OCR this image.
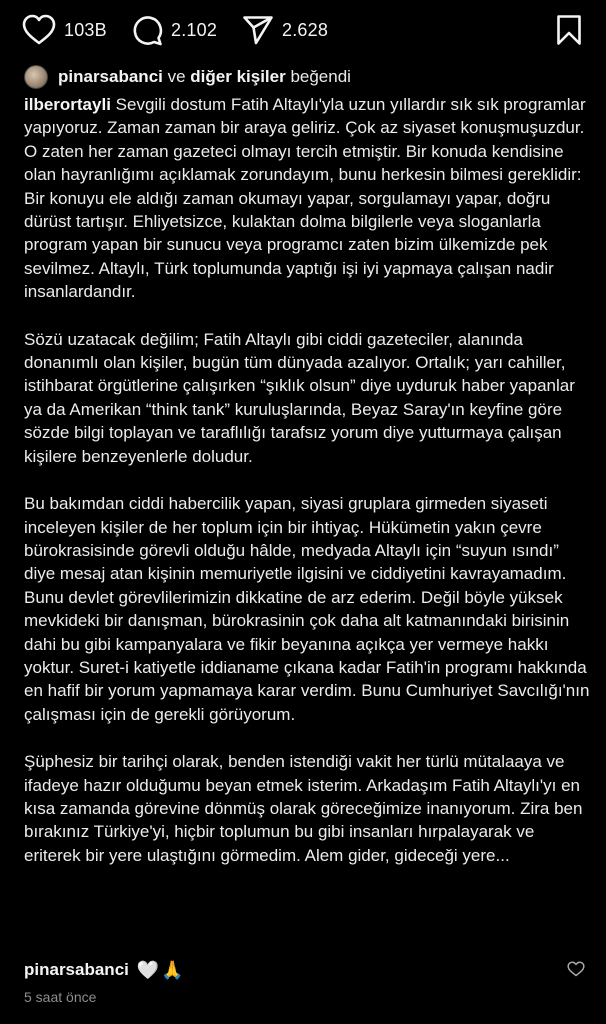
103B	2.102	2.628
pinarsabanci ve diğer kişiler beğendi

ilberortayli Sevgili dostum Fatih Altaylı'yla uzun yıllardır sık sık programlar yapıyoruz. Zaman zaman bir araya geliriz. Çok az siyaset konuşmuşuzdur. O zaten her zaman gazeteci olmayı tercih etmiştir. Bir konuda kendisine olan hayranlığımı açıklamak zorundayım, bunu herkesin bilmesi gereklidir: Bir konuyu ele aldığı zaman okumayı yapar, sorgulamayı yapar, doğru dürüst tartışır. Ehliyetsizce, kulaktan dolma bilgilerle veya sloganlarla program yapan bir sunucu veya programcı zaten bizim ülkemizde pek sevilmez. Altaylı, Türk toplumunda yaptığı işi iyi yapmaya çalışan nadir insanlardandır.

Sözü uzatacak değilim; Fatih Altaylı gibi ciddi gazeteciler, alanında donanımlı olan kişiler, bugün tüm dünyada azalıyor. Ortalık; yarı cahiller, istihbarat örgütlerine çalışırken “şıklık olsun” diye uyduruk haber yapanlar ya da Amerikan “think tank” kuruluşlarında, Beyaz Saray'ın keyfine göre sözde bilgi toplayan ve taraflılığı tarafsız yorum diye yutturmaya çalışan kişilere benzeyenlerle doludur.

Bu bakımdan ciddi habercilik yapan, siyasi gruplara girmeden siyaseti inceleyen kişiler de her toplum için bir ihtiyaç. Hükümetin yakın çevre bürokrasisinde görevli olduğu hâlde, medyada Altaylı için “suyun ısındı” diye mesaj atan kişinin memuriyetle ilgisini ve ciddiyetini kavrayamadım. Bunu devlet görevlilerimizin dikkatine de arz ederim. Değil böyle yüksek mevkideki bir danışman, bürokrasinin çok daha alt katmanındaki birisinin dahi bu gibi kampanyalara ve fikir beyanına açıkça yer vermeye hakkı yoktur. Suret-i katiyetle iddianame çıkana kadar Fatih'in programı hakkında en hafif bir yorum yapmamaya karar verdim. Bunu Cumhuriyet Savcılığı'nın çalışması için de gerekli görüyorum.

Şüphesiz bir tarihçi olarak, benden istendiği vakit her türlü mütalaaya ve ifadeye hazır olduğumu beyan etmek isterim. Arkadaşım Fatih Altaylı'yı en kısa zamanda görevine dönmüş olarak göreceğimize inanıyorum. Zira ben bırakınız Türkiye'yi, hiçbir toplumun bu gibi insanları hırpalayarak ve eriterek bir yere ulaştığını görmedim. Alem gider, gideceği yere...

pinarsabanci 🤍🙏
5 saat önce
